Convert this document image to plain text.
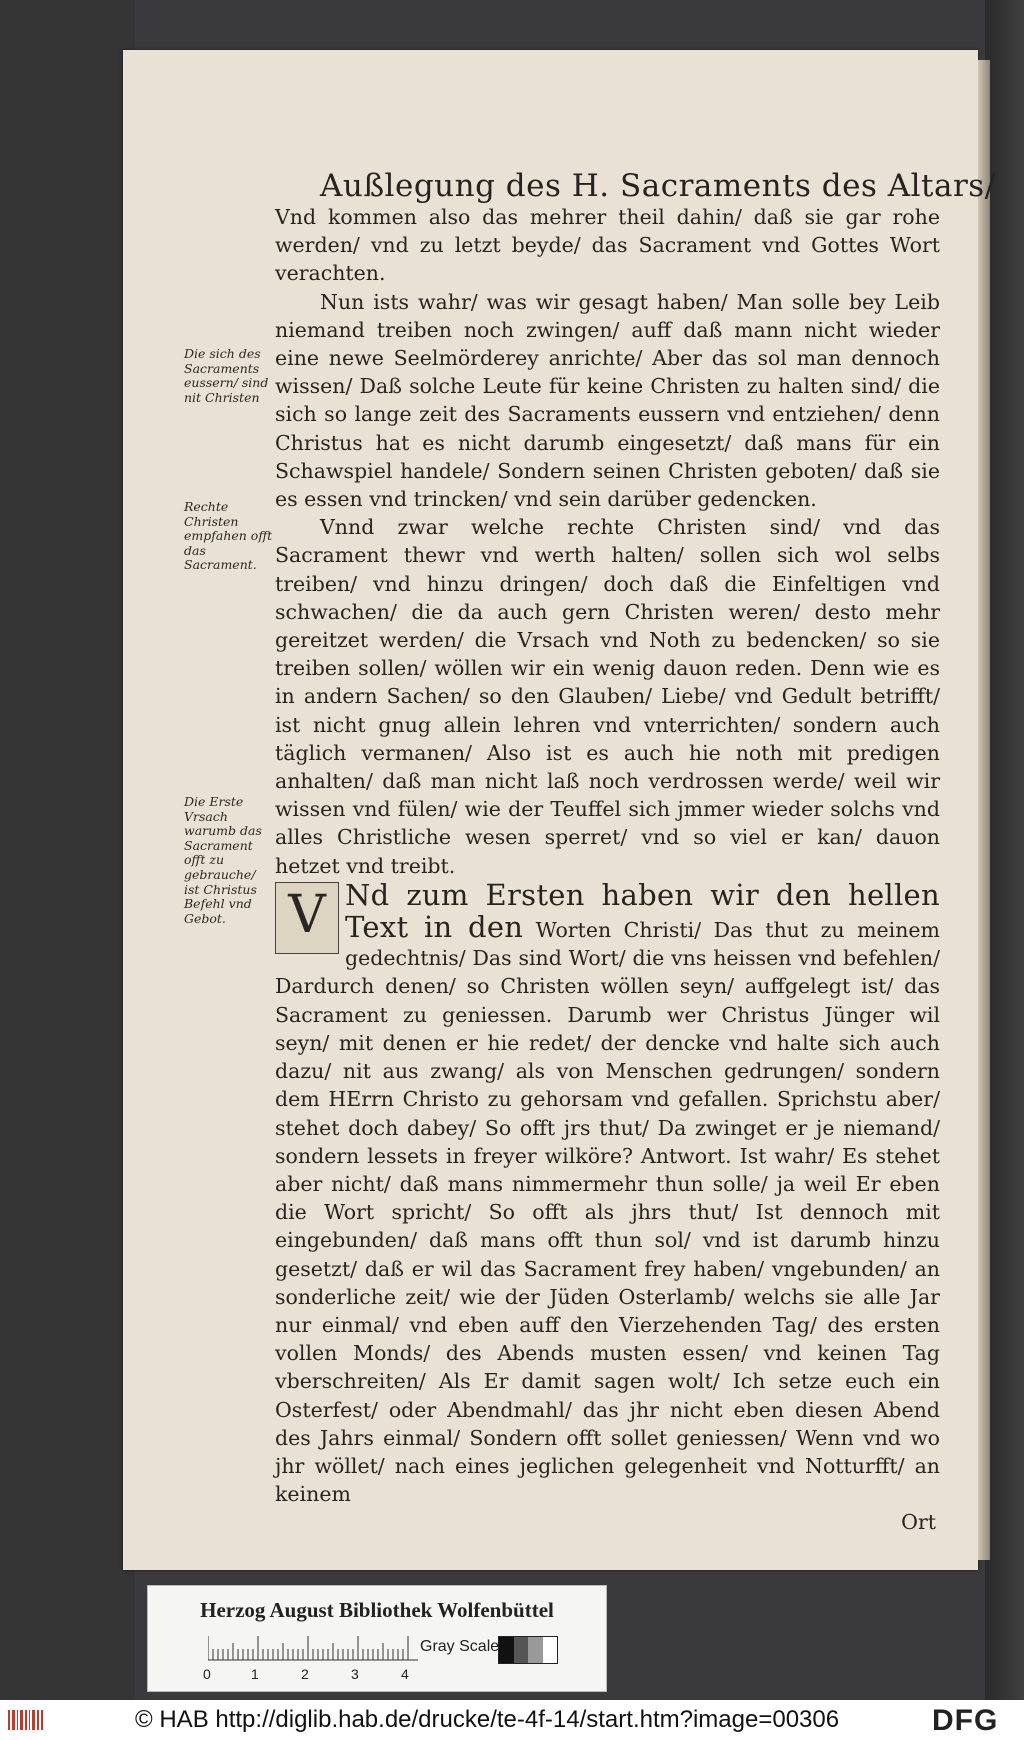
Außlegung des H. Sacraments des Altars/
Die sich des Sacraments eussern/ sind nit Christen
Rechte Christen empfahen offt das Sacrament.
Die Erste Vrsach warumb das Sacrament offt zu gebrauche/ ist Christus Befehl vnd Gebot.

Vnd kommen also das mehrer theil dahin/ daß sie gar rohe werden/ vnd zu letzt beyde/ das Sacrament vnd Gottes Wort verachten.

Nun ists wahr/ was wir gesagt haben/ Man solle bey Leib niemand treiben noch zwingen/ auff daß mann nicht wieder eine newe Seelmörderey anrichte/ Aber das sol man dennoch wissen/ Daß solche Leute für keine Christen zu halten sind/ die sich so lange zeit des Sacraments eussern vnd entziehen/ denn Christus hat es nicht darumb eingesetzt/ daß mans für ein Schawspiel handele/ Sondern seinen Christen geboten/ daß sie es essen vnd trincken/ vnd sein darüber gedencken.

Vnnd zwar welche rechte Christen sind/ vnd das Sacrament thewr vnd werth halten/ sollen sich wol selbs treiben/ vnd hinzu dringen/ doch daß die Einfeltigen vnd schwachen/ die da auch gern Christen weren/ desto mehr gereitzet werden/ die Vrsach vnd Noth zu bedencken/ so sie treiben sollen/ wöllen wir ein wenig dauon reden. Denn wie es in andern Sachen/ so den Glauben/ Liebe/ vnd Gedult betrifft/ ist nicht gnug allein lehren vnd vnterrichten/ sondern auch täglich vermanen/ Also ist es auch hie noth mit predigen anhalten/ daß man nicht laß noch verdrossen werde/ weil wir wissen vnd fülen/ wie der Teuffel sich jmmer wieder solchs vnd alles Christliche wesen sperret/ vnd so viel er kan/ dauon hetzet vnd treibt.

V Nd zum Ersten haben wir den hellen Text in den Worten Christi/ Das thut zu meinem gedechtnis/ Das sind Wort/ die vns heissen vnd befehlen/ Dardurch denen/ so Christen wöllen seyn/ auffgelegt ist/ das Sacrament zu geniessen. Darumb wer Christus Jünger wil seyn/ mit denen er hie redet/ der dencke vnd halte sich auch dazu/ nit aus zwang/ als von Menschen gedrungen/ sondern dem HErrn Christo zu gehorsam vnd gefallen. Sprichstu aber/ stehet doch dabey/ So offt jrs thut/ Da zwinget er je niemand/ sondern lessets in freyer wilköre? Antwort. Ist wahr/ Es stehet aber nicht/ daß mans nimmermehr thun solle/ ja weil Er eben die Wort spricht/ So offt als jhrs thut/ Ist dennoch mit eingebunden/ daß mans offt thun sol/ vnd ist darumb hinzu gesetzt/ daß er wil das Sacrament frey haben/ vngebunden/ an sonderliche zeit/ wie der Jüden Osterlamb/ welchs sie alle Jar nur einmal/ vnd eben auff den Vierzehenden Tag/ des ersten vollen Monds/ des Abends musten essen/ vnd keinen Tag vberschreiten/ Als Er damit sagen wolt/ Ich setze euch ein Osterfest/ oder Abendmahl/ das jhr nicht eben diesen Abend des Jahrs einmal/ Sondern offt sollet geniessen/ Wenn vnd wo jhr wöllet/ nach eines jeglichen gelegenheit vnd Notturfft/ an keinem
Ort
Herzog August Bibliothek Wolfenbüttel
0	1	2	3	4
Gray Scale
© HAB http://diglib.hab.de/drucke/te-4f-14/start.htm?image=00306	DFG
